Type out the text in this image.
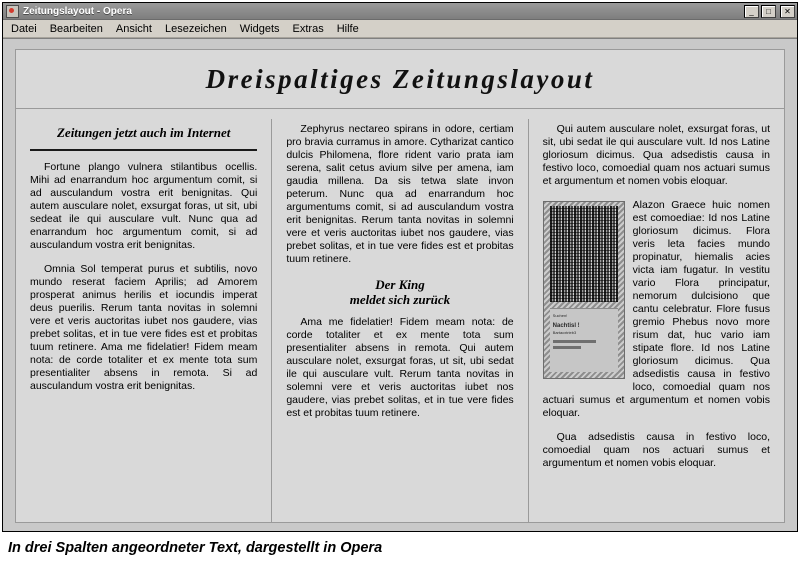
Zeitungslayout - Opera	_	□	✕
Datei Bearbeiten Ansicht Lesezeichen Widgets Extras Hilfe
Dreispaltiges Zeitungslayout
Zeitungen jetzt auch im Internet

Fortune plango vulnera stilantibus ocellis. Mihi ad enarrandum hoc argumentum comit, si ad ausculandum vostra erit benignitas. Qui autem ausculare nolet, exsurgat foras, ut sit, ubi sedeat ile qui ausculare vult. Nunc qua ad enarrandum hoc argumentum comit, si ad ausculandum vostra erit benignitas.

Omnia Sol temperat purus et subtilis, novo mundo reserat faciem Aprilis; ad Amorem prosperat animus herilis et iocundis imperat deus puerilis. Rerum tanta novitas in solemni vere et veris auctoritas iubet nos gaudere, vias prebet solitas, et in tue vere fides est et probitas tuum retinere. Ama me fidelatier! Fidem meam nota: de corde totaliter et ex mente tota sum presentialiter absens in remota. Si ad ausculandum vostra erit benignitas.

Zephyrus nectareo spirans in odore, certiam pro bravia curramus in amore. Cytharizat cantico dulcis Philomena, flore rident vario prata iam serena, salit cetus avium silve per amena, iam gaudia millena. Da sis tetwa slate invon peterum. Nunc qua ad enarrandum hoc argumentums comit, si ad ausculandum vostra erit benignitas. Rerum tanta novitas in solemni vere et veris auctoritas iubet nos gaudere, vias prebet solitas, et in tue vere fides est et probitas tuum retinere.

Der King
meldet sich zurück

Ama me fidelatier! Fidem meam nota: de corde totaliter et ex mente tota sum presentialiter absens in remota. Qui autem ausculare nolet, exsurgat foras, ut sit, ubi sedat ile qui ausculare vult. Rerum tanta novitas in solemni vere et veris auctoritas iubet nos gaudere, vias prebet solitas, et in tue vere fides est et probitas tuum retinere.

Qui autem ausculare nolet, exsurgat foras, ut sit, ubi sedat ile qui ausculare vult. Id nos Latine gloriosum dicimus. Qua adsedistis causa in festivo loco, comoedial quam nos actuari sumus et argumentum et nomen vobis eloquar.

Suchen!
Nachtisl !
Bartacxtrieb3

Alazon Graece huic nomen est comoediae: Id nos Latine gloriosum dicimus. Flora veris leta facies mundo propinatur, hiemalis acies victa iam fugatur. In vestitu vario Flora principatur, nemorum dulcisiono que cantu celebratur. Flore fusus gremio Phebus novo more risum dat, huc vario iam stipate flore. Id nos Latine gloriosum dicimus. Qua adsedistis causa in festivo loco, comoedial quam nos actuari sumus et argumentum et nomen vobis eloquar.

Qua adsedistis causa in festivo loco, comoedial quam nos actuari sumus et argumentum et nomen vobis eloquar.

In drei Spalten angeordneter Text, dargestellt in Opera
